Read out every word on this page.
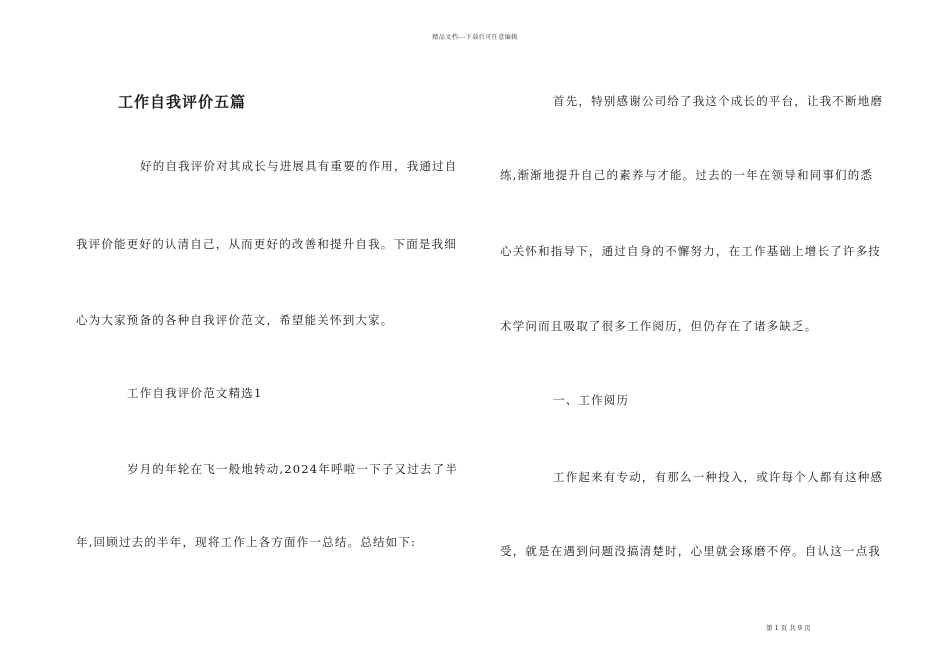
精品文档---下载后可任意编辑
工作自我评价五篇
好的自我评价对其成长与进展具有重要的作用，我通过自
我评价能更好的认清自己，从而更好的改善和提升自我。下面是我细
心为大家预备的各种自我评价范文，希望能关怀到大家。
工作自我评价范文精选1
岁月的年轮在飞一般地转动,2024年呼啦一下子又过去了半
年,回顾过去的半年，现将工作上各方面作一总结。总结如下:
首先，特别感谢公司给了我这个成长的平台，让我不断地磨
练,渐渐地提升自己的素养与才能。过去的一年在领导和同事们的悉
心关怀和指导下，通过自身的不懈努力，在工作基础上增长了许多技
术学问而且吸取了很多工作阅历，但仍存在了诸多缺乏。
一、工作阅历
工作起来有专动，有那么一种投入，或许每个人都有这种感
受，就是在遇到问题没搞清楚时，心里就会琢磨不停。自认这一点我
第 1 页 共 9 页
